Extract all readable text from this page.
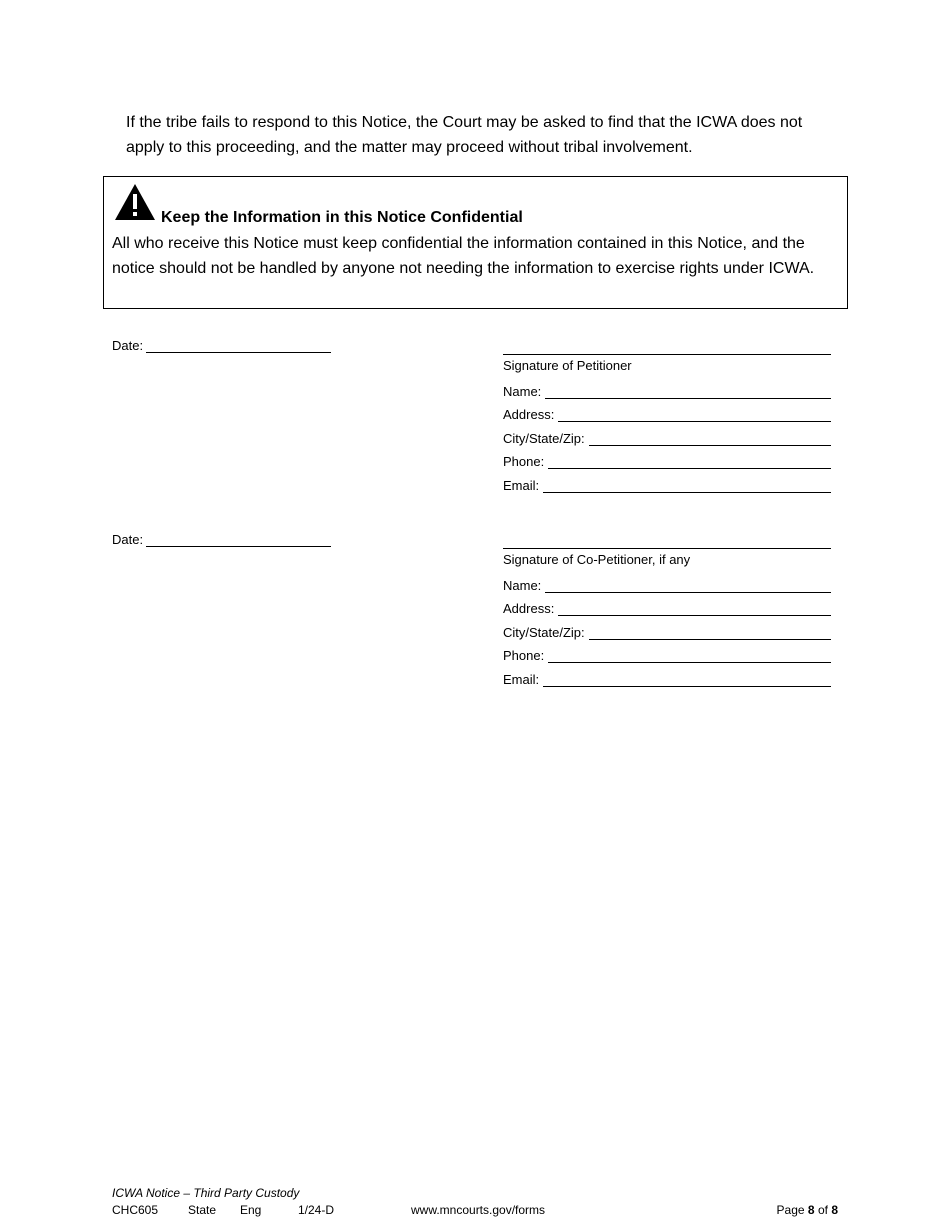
If the tribe fails to respond to this Notice, the Court may be asked to find that the ICWA does not apply to this proceeding, and the matter may proceed without tribal involvement.
Keep the Information in this Notice Confidential
All who receive this Notice must keep confidential the information contained in this Notice, and the notice should not be handled by anyone not needing the information to exercise rights under ICWA.
Date:
Signature of Petitioner
Name:
Address:
City/State/Zip:
Phone:
Email:
Date:
Signature of Co-Petitioner, if any
Name:
Address:
City/State/Zip:
Phone:
Email:
ICWA Notice – Third Party Custody
CHC605 State Eng	1/24-D	www.mncourts.gov/forms	Page 8 of 8
